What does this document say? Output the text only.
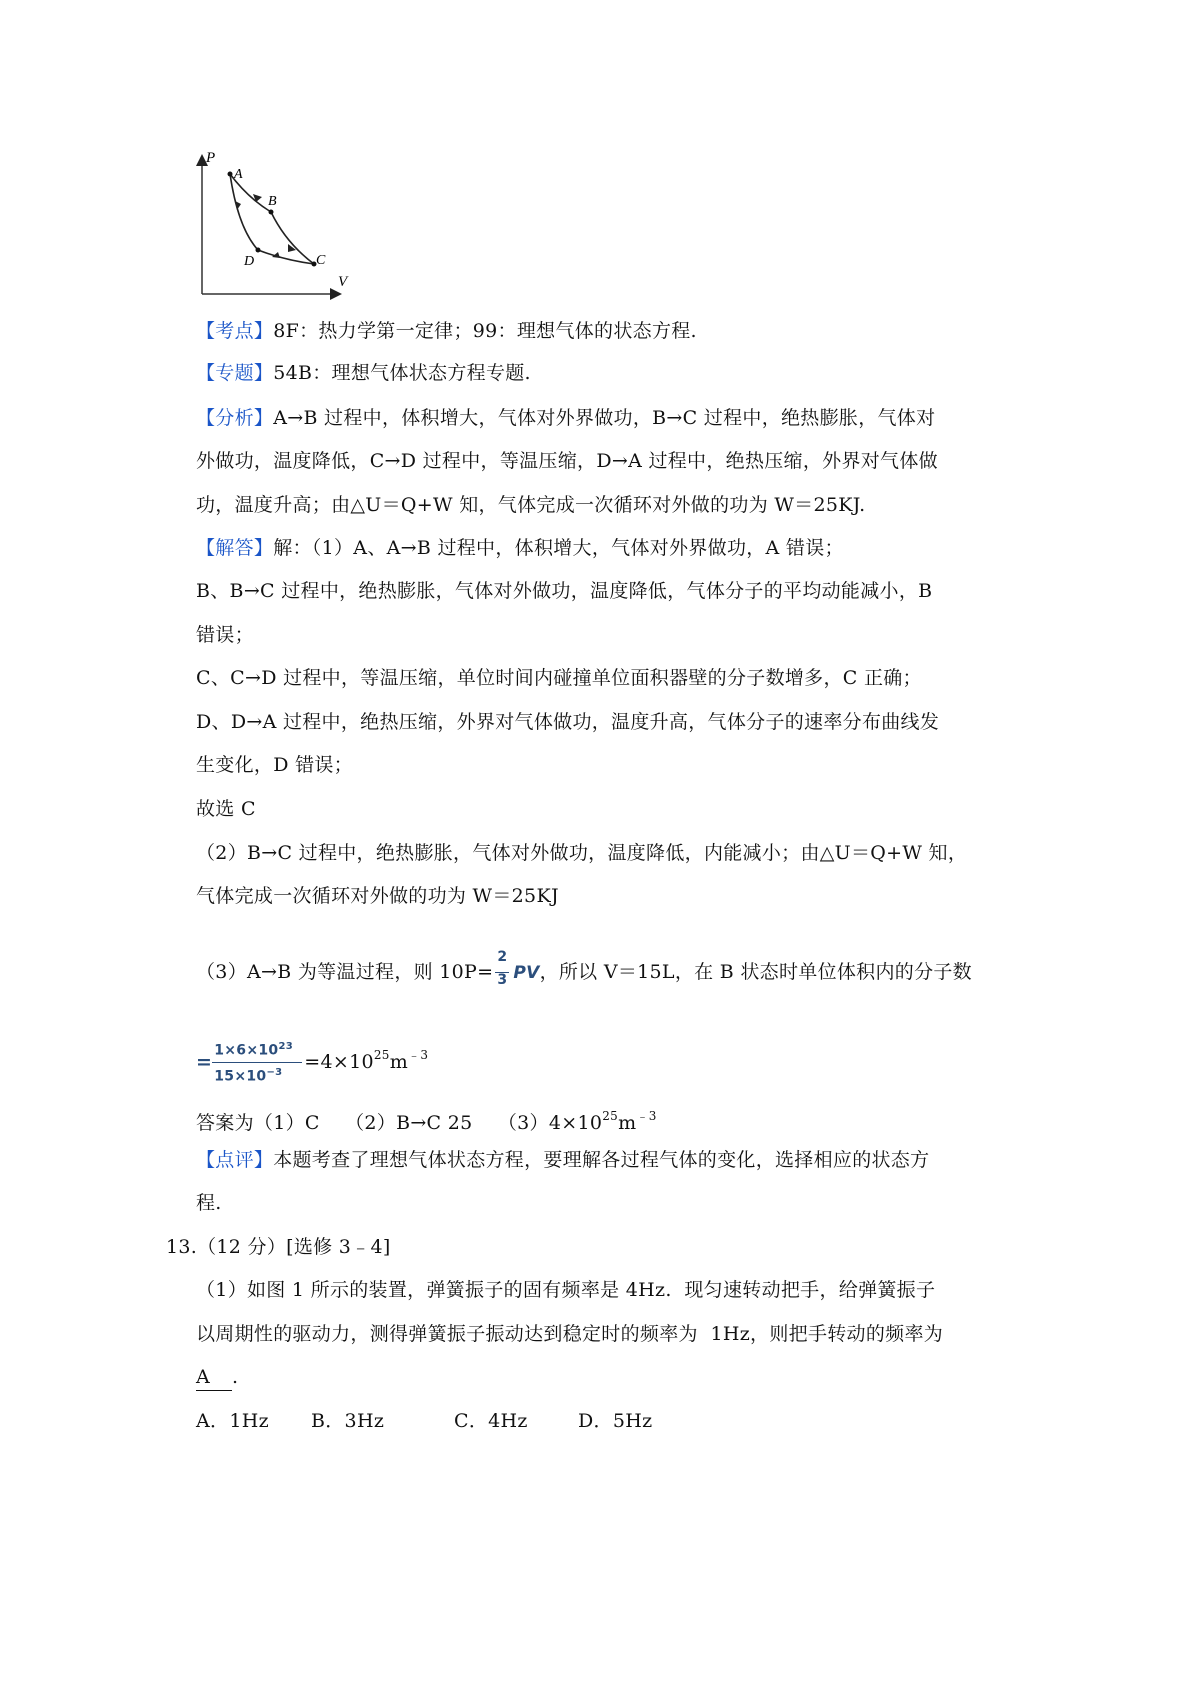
P
V
A
B
C
D
【考点】8F：热力学第一定律；99：理想气体的状态方程.
【专题】54B：理想气体状态方程专题.
【分析】A→B 过程中，体积增大，气体对外界做功，B→C 过程中，绝热膨胀，气体对
外做功，温度降低，C→D 过程中，等温压缩，D→A 过程中，绝热压缩，外界对气体做
功，温度升高；由△U＝Q+W 知，气体完成一次循环对外做的功为 W＝25KJ.
【解答】解：（1）A、A→B 过程中，体积增大，气体对外界做功，A 错误；
B、B→C 过程中，绝热膨胀，气体对外做功，温度降低，气体分子的平均动能减小，B
错误；
C、C→D 过程中，等温压缩，单位时间内碰撞单位面积器壁的分子数增多，C 正确；
D、D→A 过程中，绝热压缩，外界对气体做功，温度升高，气体分子的速率分布曲线发
生变化，D 错误；
故选 C
（2）B→C 过程中，绝热膨胀，气体对外做功，温度降低，内能减小；由△U＝Q+W 知，
气体完成一次循环对外做的功为 W＝25KJ
（3）A→B 为等温过程，则 $10P= \frac{2}{3}$ PV，所以 V＝15L，在 B 状态时单位体积内的分子数
= $\frac{1\times 6\times 10^{23}}{15\times 10^{-3}} =4\times 10^{25}m^{﹣3}$
答案为（1）C    （2）B→C 25    $(3)4\times 10^{25}m^{﹣3}$
【点评】本题考查了理想气体状态方程，要理解各过程气体的变化，选择相应的状态方
程.
13.（12 分）[选修 3﹣4]
（1）如图 1 所示的装置，弹簧振子的固有频率是 4Hz.  现匀速转动把手，给弹簧振子
以周期性的驱动力，测得弹簧振子振动达到稳定时的频率为  1Hz，则把手转动的频率为
A .
A．1Hz B．3Hz	C．4Hz	D．5Hz
